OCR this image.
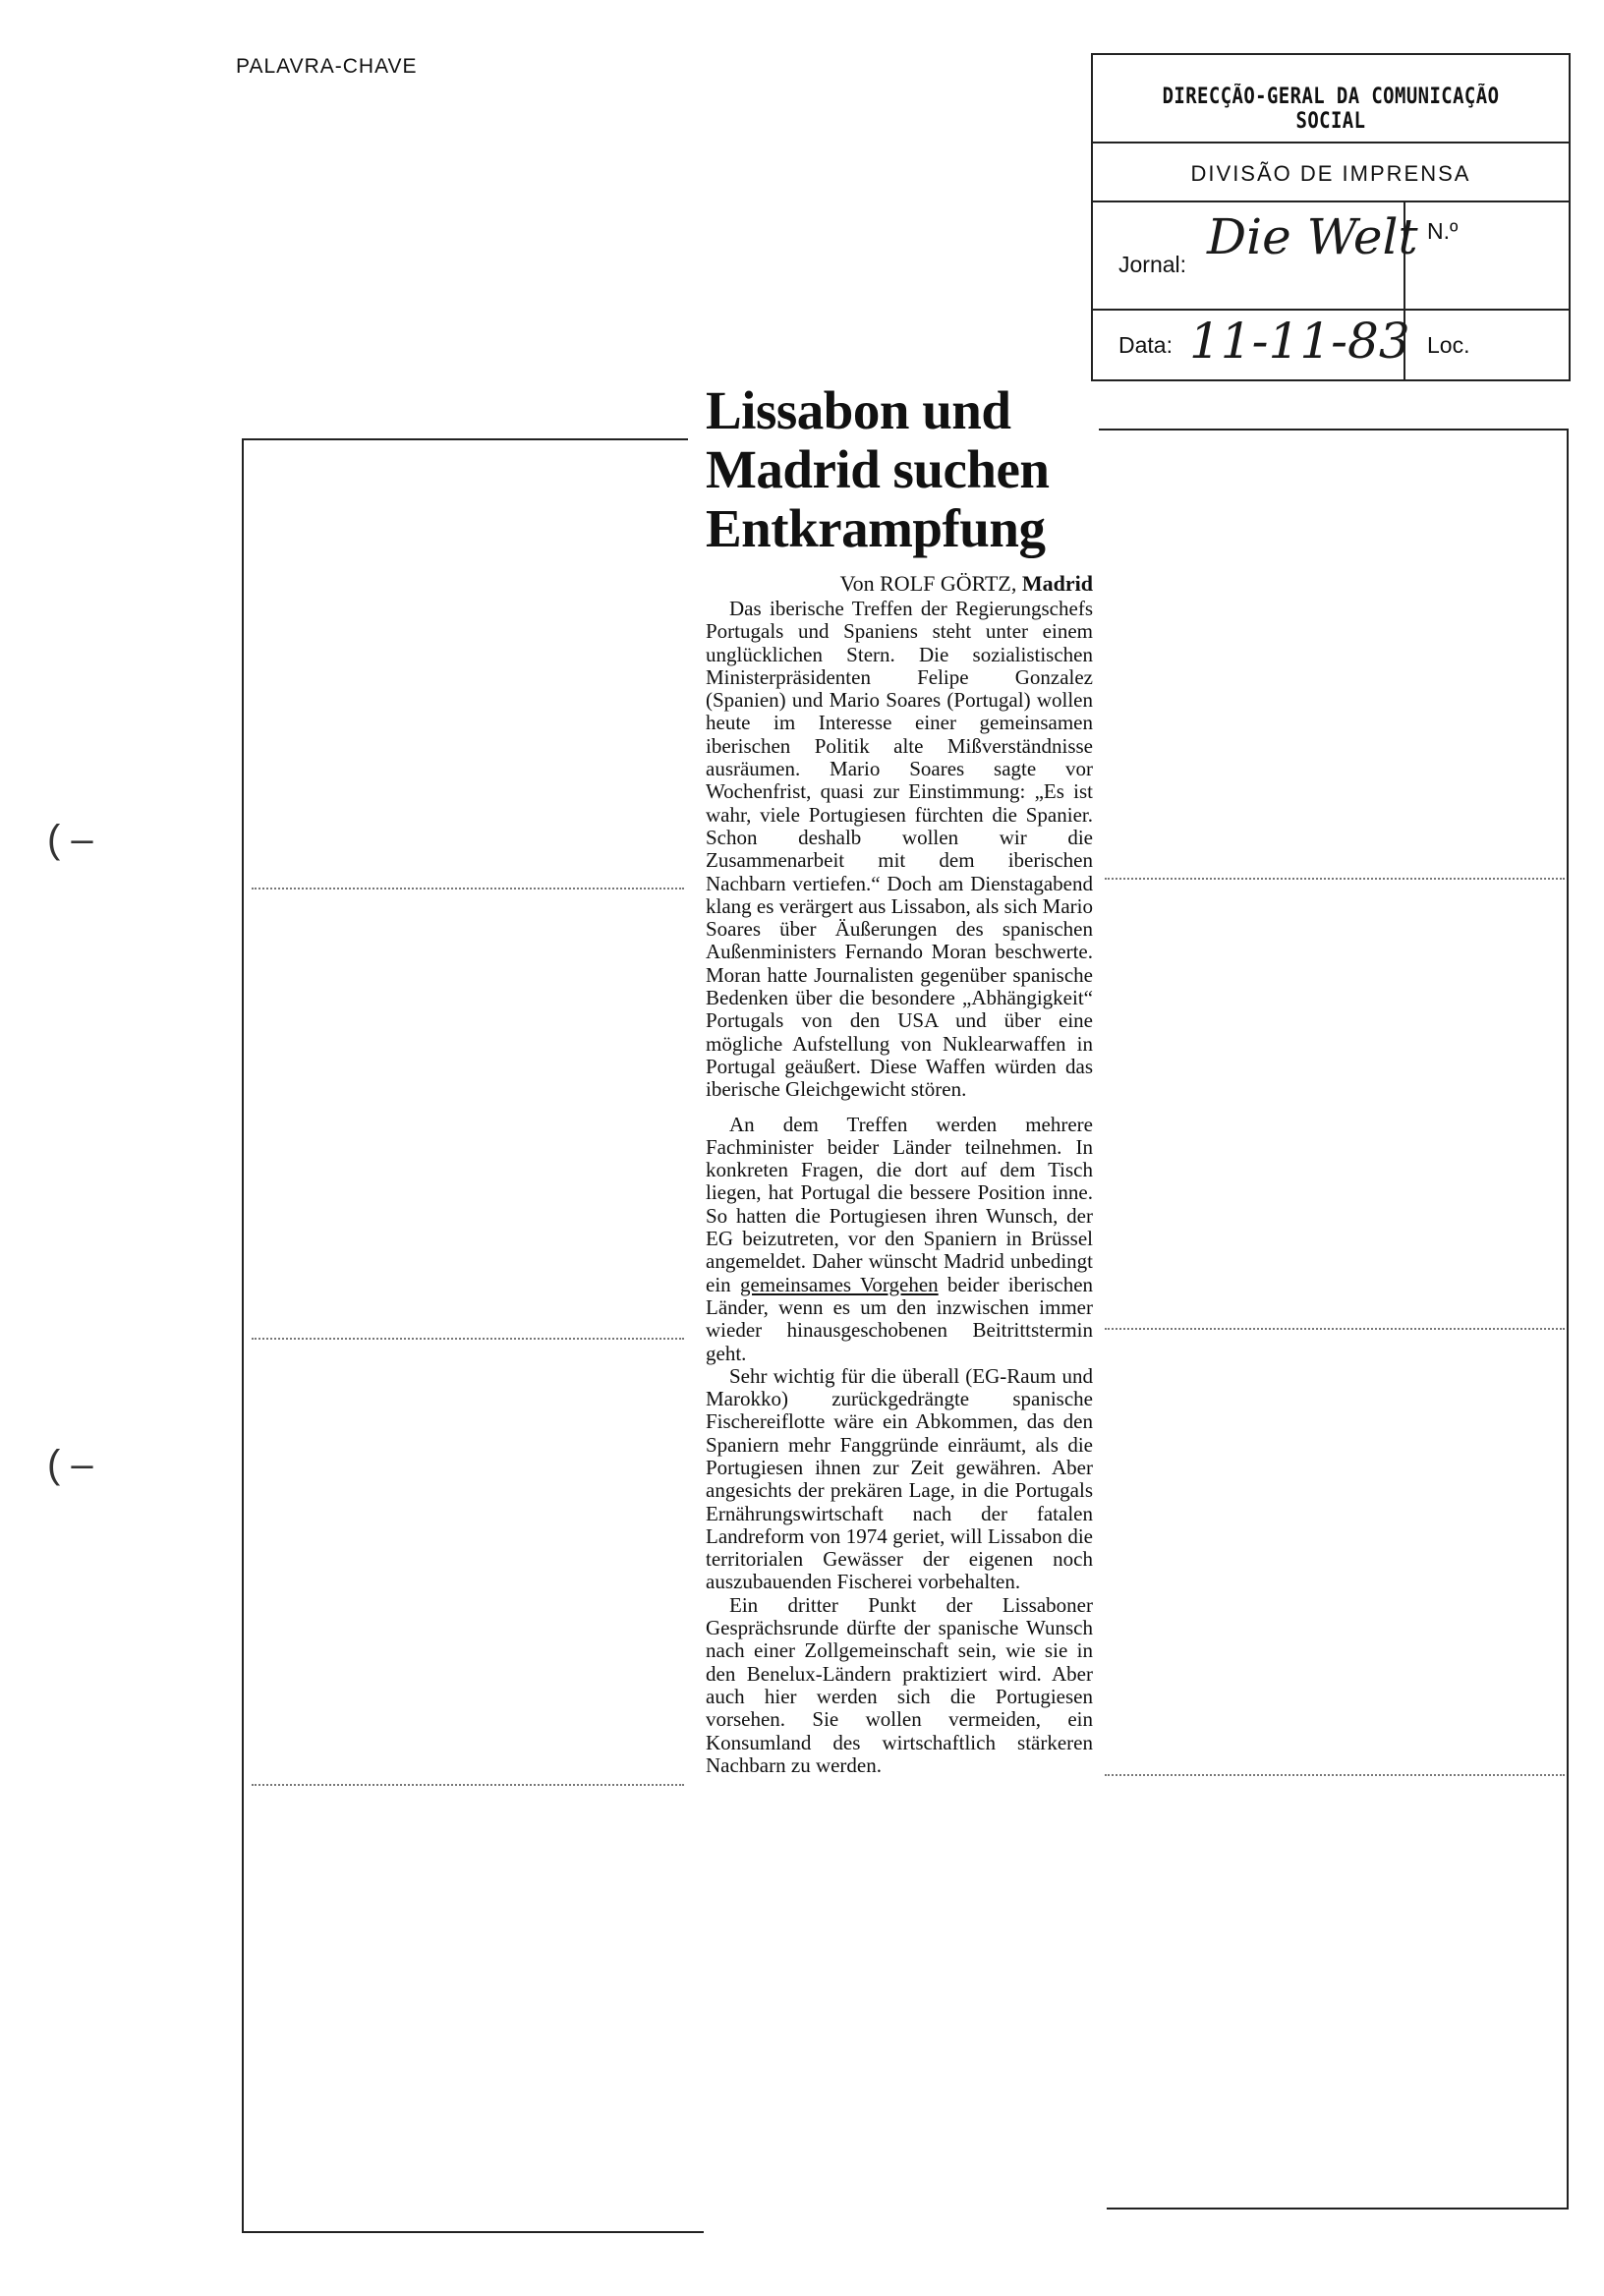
PALAVRA-CHAVE
DIRECÇÃO-GERAL DA COMUNICAÇÃO SOCIAL
DIVISÃO DE IMPRENSA
Jornal: Die Welt N.º
Data: 11-11-83 Loc.
( –
( –
Lissabon und Madrid suchen Entkrampfung
Von ROLF GÖRTZ, Madrid

Das iberische Treffen der Regierungschefs Portugals und Spaniens steht unter einem unglücklichen Stern. Die sozialistischen Ministerpräsidenten Felipe Gonzalez (Spanien) und Mario Soares (Portugal) wollen heute im Interesse einer gemeinsamen iberischen Politik alte Mißverständnisse ausräumen. Mario Soares sagte vor Wochenfrist, quasi zur Einstimmung: „Es ist wahr, viele Portugiesen fürchten die Spanier. Schon deshalb wollen wir die Zusammenarbeit mit dem iberischen Nachbarn vertiefen.“ Doch am Dienstagabend klang es verärgert aus Lissabon, als sich Mario Soares über Äußerungen des spanischen Außenministers Fernando Moran beschwerte. Moran hatte Journalisten gegenüber spanische Bedenken über die besondere „Abhängigkeit“ Portugals von den USA und über eine mögliche Aufstellung von Nuklearwaffen in Portugal geäußert. Diese Waffen würden das iberische Gleichgewicht stören.

An dem Treffen werden mehrere Fachminister beider Länder teilnehmen. In konkreten Fragen, die dort auf dem Tisch liegen, hat Portugal die bessere Position inne. So hatten die Portugiesen ihren Wunsch, der EG beizutreten, vor den Spaniern in Brüssel angemeldet. Daher wünscht Madrid unbedingt ein gemeinsames Vorgehen beider iberischen Länder, wenn es um den inzwischen immer wieder hinausgeschobenen Beitrittstermin geht.

Sehr wichtig für die überall (EG-Raum und Marokko) zurückgedrängte spanische Fischereiflotte wäre ein Abkommen, das den Spaniern mehr Fanggründe einräumt, als die Portugiesen ihnen zur Zeit gewähren. Aber angesichts der prekären Lage, in die Portugals Ernährungswirtschaft nach der fatalen Landreform von 1974 geriet, will Lissabon die territorialen Gewässer der eigenen noch auszubauenden Fischerei vorbehalten.

Ein dritter Punkt der Lissaboner Gesprächsrunde dürfte der spanische Wunsch nach einer Zollgemeinschaft sein, wie sie in den Benelux-Ländern praktiziert wird. Aber auch hier werden sich die Portugiesen vorsehen. Sie wollen vermeiden, ein Konsumland des wirtschaftlich stärkeren Nachbarn zu werden.
